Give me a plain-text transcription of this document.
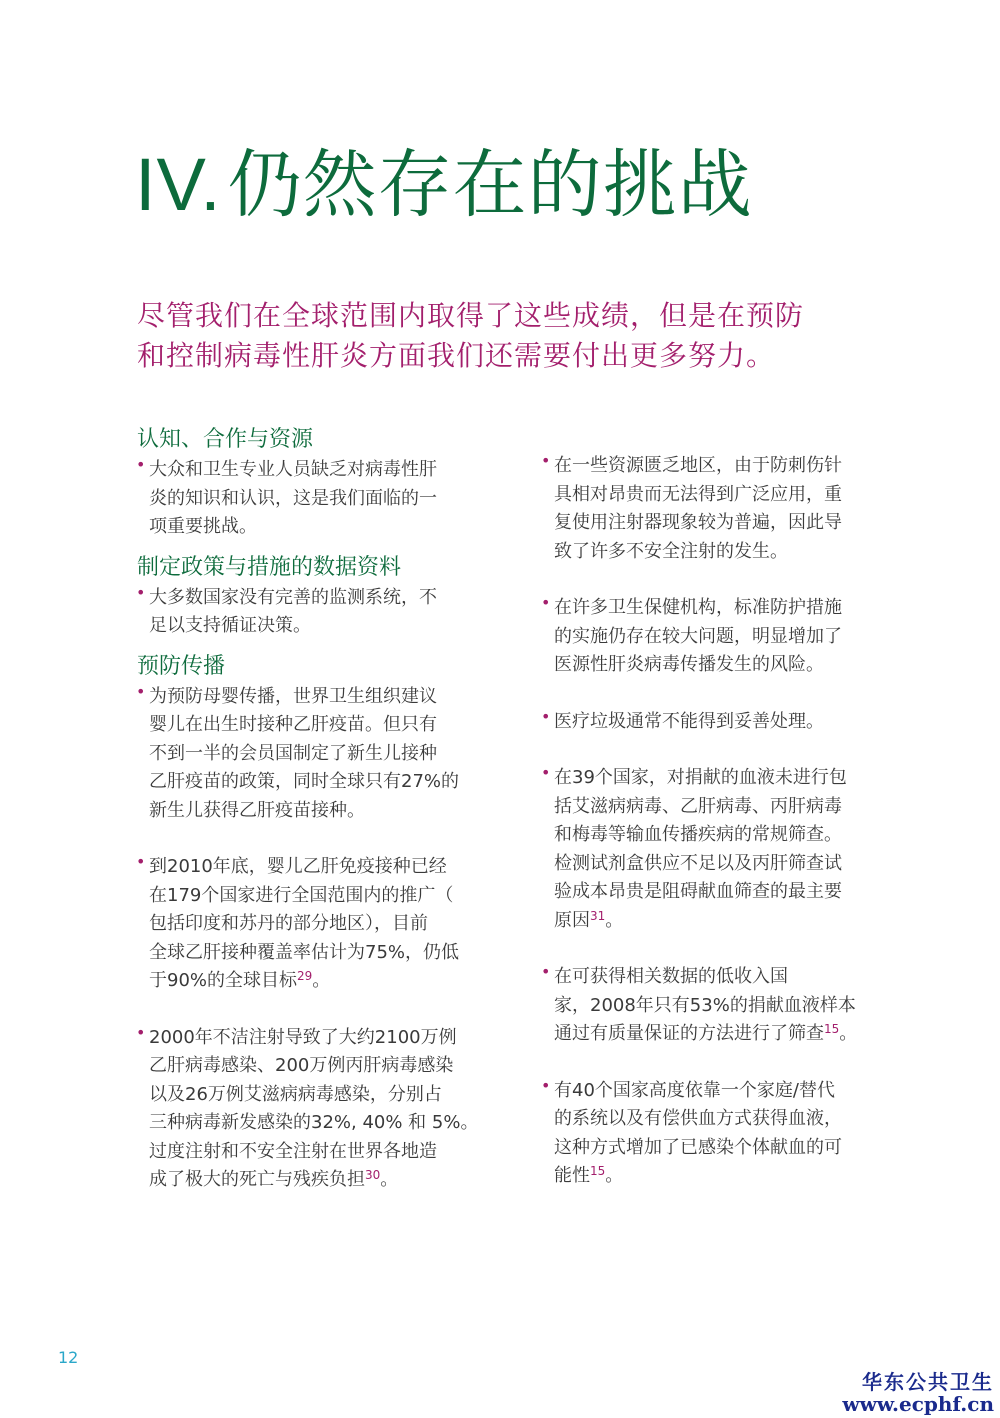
IV.仍然存在的挑战
尽管我们在全球范围内取得了这些成绩，但是在预防
和控制病毒性肝炎方面我们还需要付出更多努力。
认知、合作与资源
• 大众和卫生专业人员缺乏对病毒性肝
炎的知识和认识，这是我们面临的一
项重要挑战。
制定政策与措施的数据资料
• 大多数国家没有完善的监测系统，不
足以支持循证决策。
预防传播
• 为预防母婴传播，世界卫生组织建议
婴儿在出生时接种乙肝疫苗。但只有
不到一半的会员国制定了新生儿接种
乙肝疫苗的政策，同时全球只有27%的
新生儿获得乙肝疫苗接种。
• 到2010年底，婴儿乙肝免疫接种已经
在179个国家进行全国范围内的推广（
包括印度和苏丹的部分地区），目前
全球乙肝接种覆盖率估计为75%，仍低
于90%的全球目标$^{29}$。
• 2000年不洁注射导致了大约2100万例
乙肝病毒感染、200万例丙肝病毒感染
以及26万例艾滋病病毒感染，分别占
三种病毒新发感染的32%, 40% 和 5%。
过度注射和不安全注射在世界各地造
成了极大的死亡与残疾负担$^{30}$。
• 在一些资源匮乏地区，由于防刺伤针
具相对昂贵而无法得到广泛应用，重
复使用注射器现象较为普遍，因此导
致了许多不安全注射的发生。
• 在许多卫生保健机构，标准防护措施
的实施仍存在较大问题，明显增加了
医源性肝炎病毒传播发生的风险。
• 医疗垃圾通常不能得到妥善处理。
• 在39个国家，对捐献的血液未进行包
括艾滋病病毒、乙肝病毒、丙肝病毒
和梅毒等输血传播疾病的常规筛查。
检测试剂盒供应不足以及丙肝筛查试
验成本昂贵是阻碍献血筛查的最主要
原因$^{31}$。
• 在可获得相关数据的低收入国
家，2008年只有53%的捐献血液样本
通过有质量保证的方法进行了筛查$^{15}$。
• 有40个国家高度依靠一个家庭/替代
的系统以及有偿供血方式获得血液，
这种方式增加了已感染个体献血的可
能性$^{15}$。
12
华东公共卫生
www.ecphf.cn
